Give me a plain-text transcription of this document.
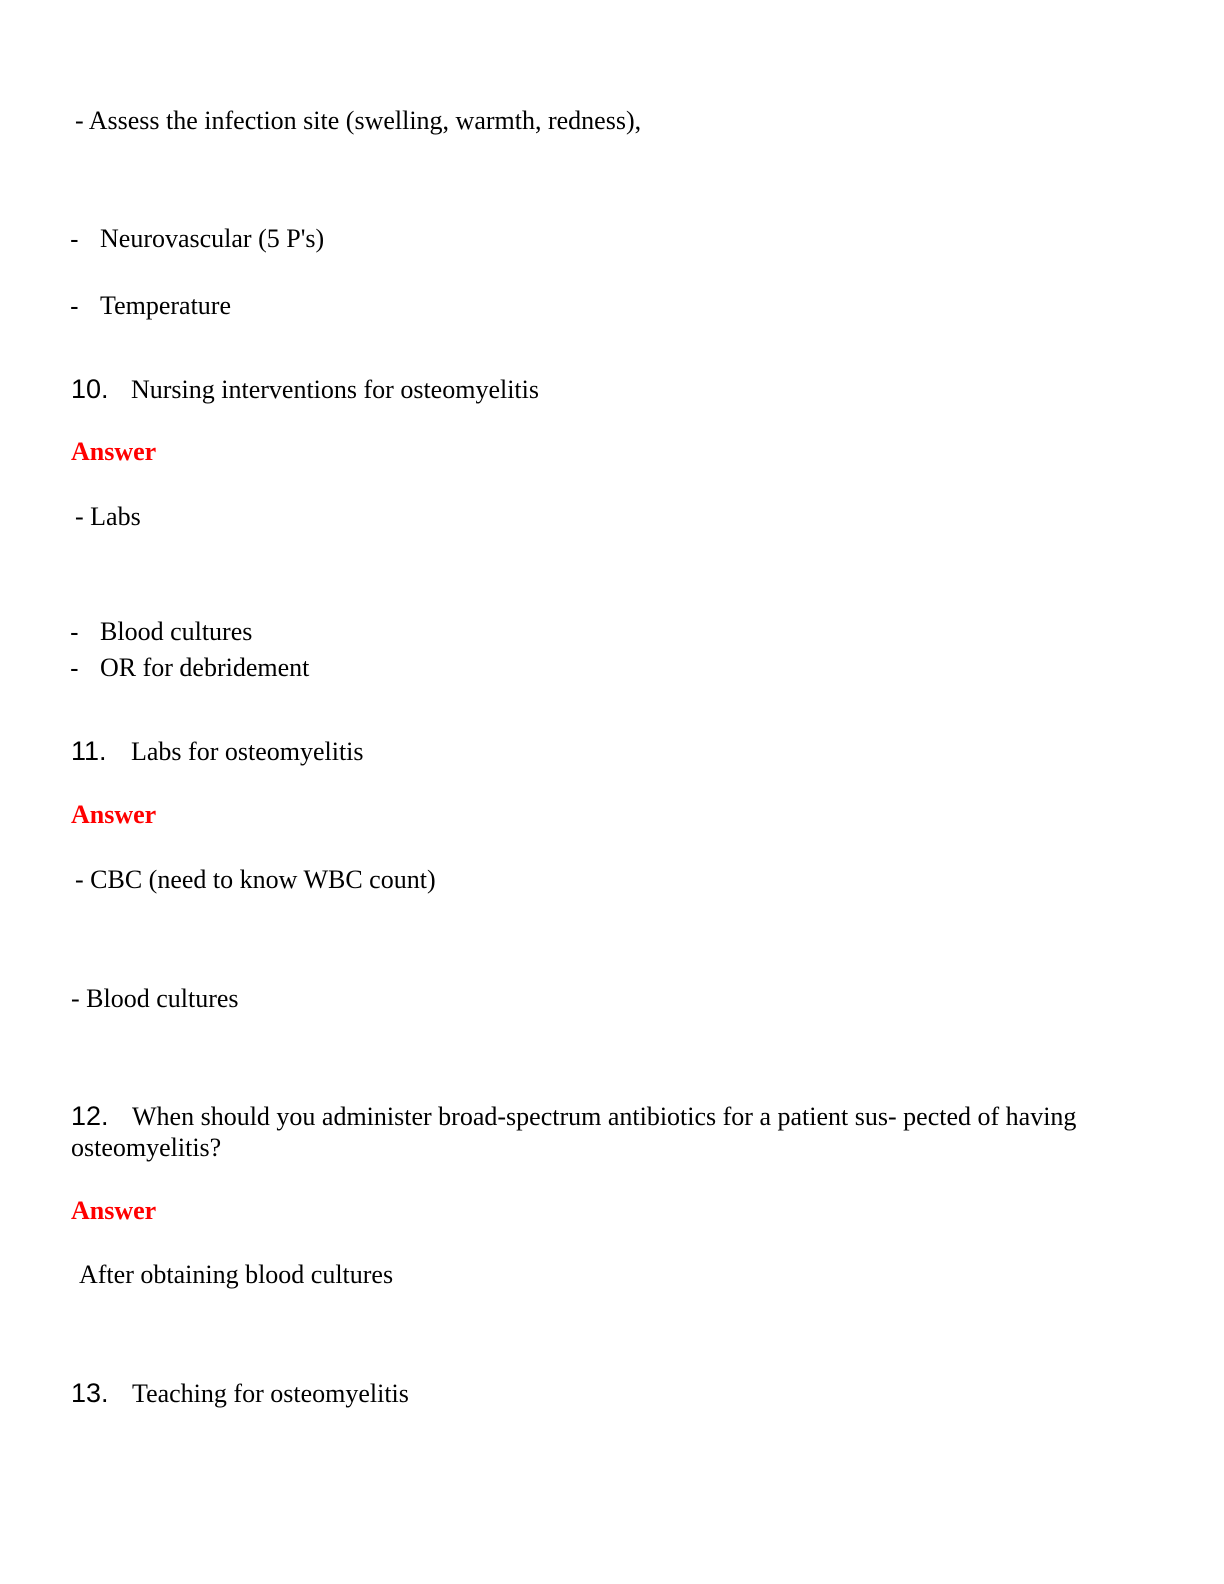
- Assess the infection site (swelling, warmth, redness),
- Neurovascular (5 P's)
- Temperature
10. Nursing interventions for osteomyelitis
Answer
- Labs
- Blood cultures
- OR for debridement
11. Labs for osteomyelitis
Answer
- CBC (need to know WBC count)
- Blood cultures
12. When should you administer broad-spectrum antibiotics for a patient sus- pected of having
osteomyelitis?
Answer
After obtaining blood cultures
13. Teaching for osteomyelitis
